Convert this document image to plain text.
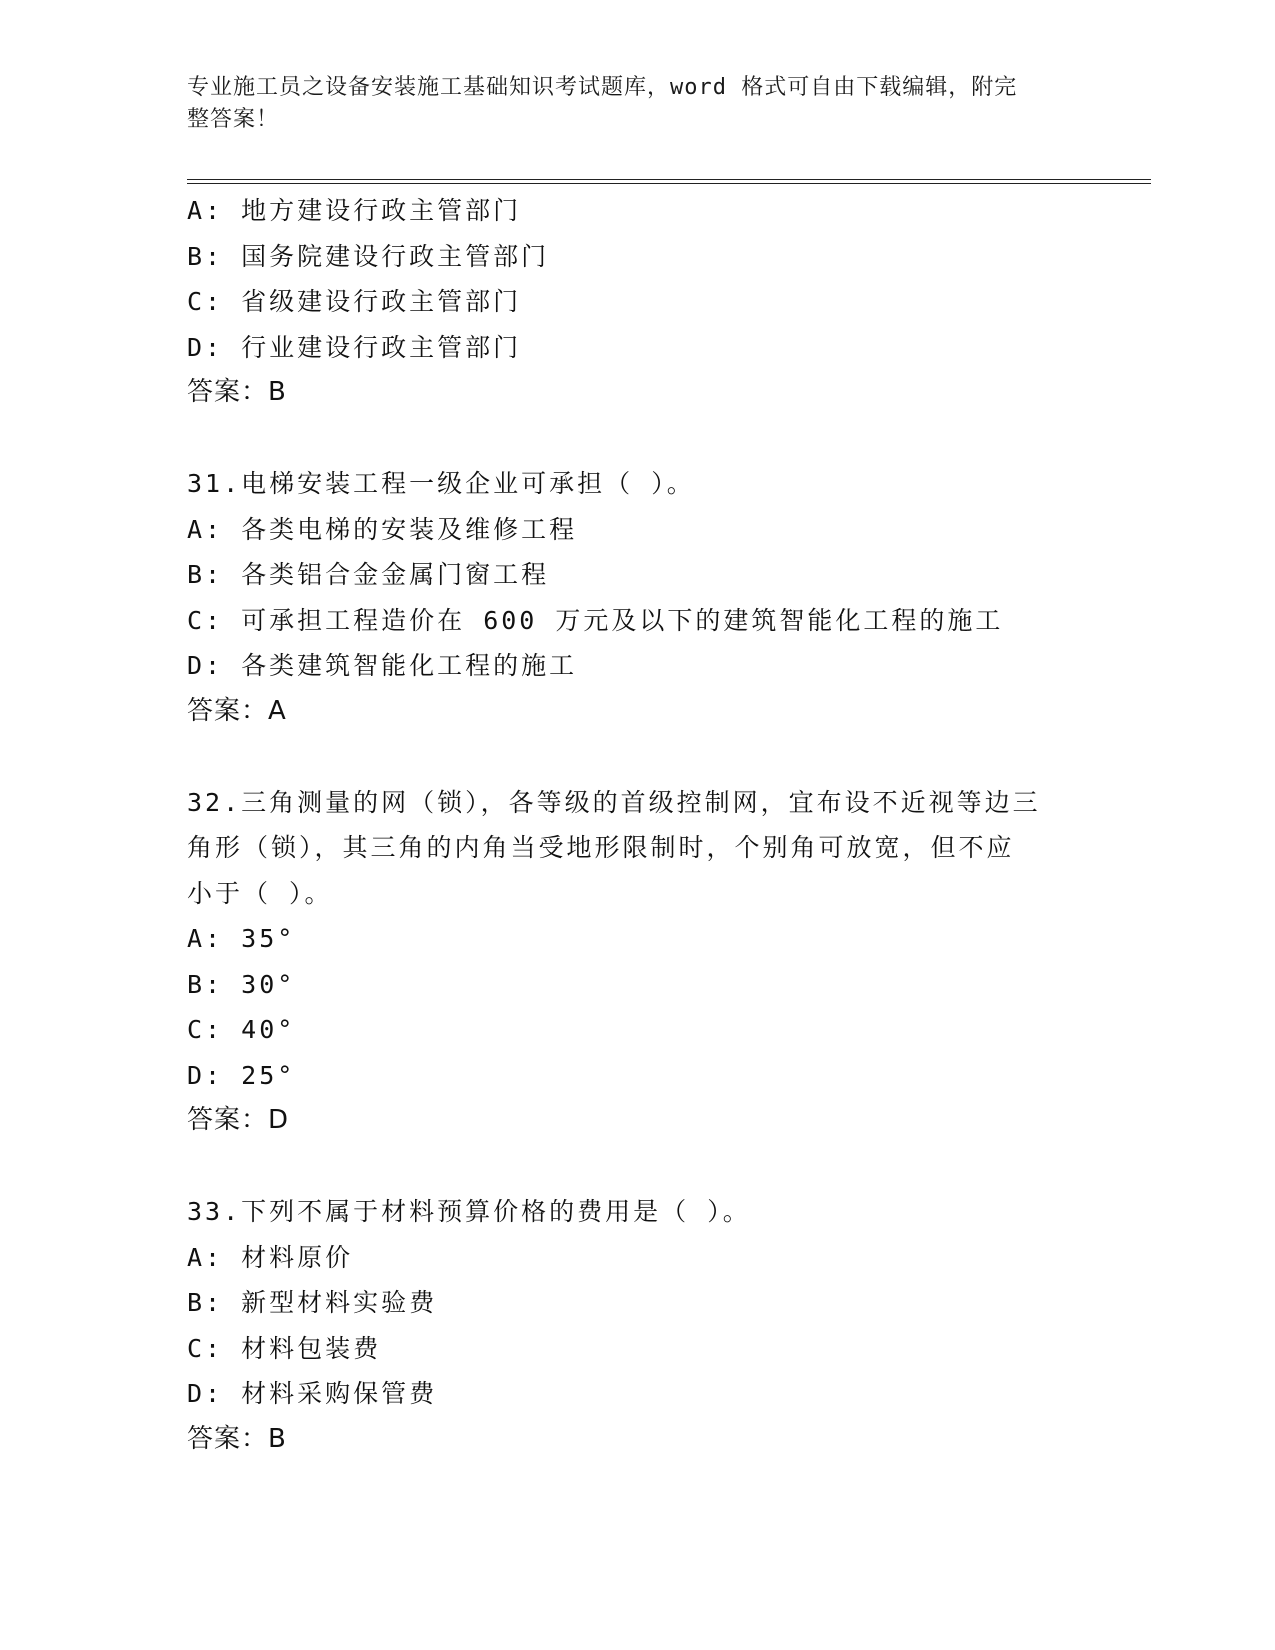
专业施工员之设备安装施工基础知识考试题库，word 格式可自由下载编辑，附完
整答案！
A: 地方建设行政主管部门
B: 国务院建设行政主管部门
C: 省级建设行政主管部门
D: 行业建设行政主管部门
答案：B
31.电梯安装工程一级企业可承担（ ）。
A: 各类电梯的安装及维修工程
B: 各类铝合金金属门窗工程
C: 可承担工程造价在 600 万元及以下的建筑智能化工程的施工
D: 各类建筑智能化工程的施工
答案：A
32.三角测量的网（锁），各等级的首级控制网，宜布设不近视等边三
角形（锁），其三角的内角当受地形限制时，个别角可放宽，但不应
小于（ ）。
A: 35°
B: 30°
C: 40°
D: 25°
答案：D
33.下列不属于材料预算价格的费用是（ ）。
A: 材料原价
B: 新型材料实验费
C: 材料包装费
D: 材料采购保管费
答案：B
